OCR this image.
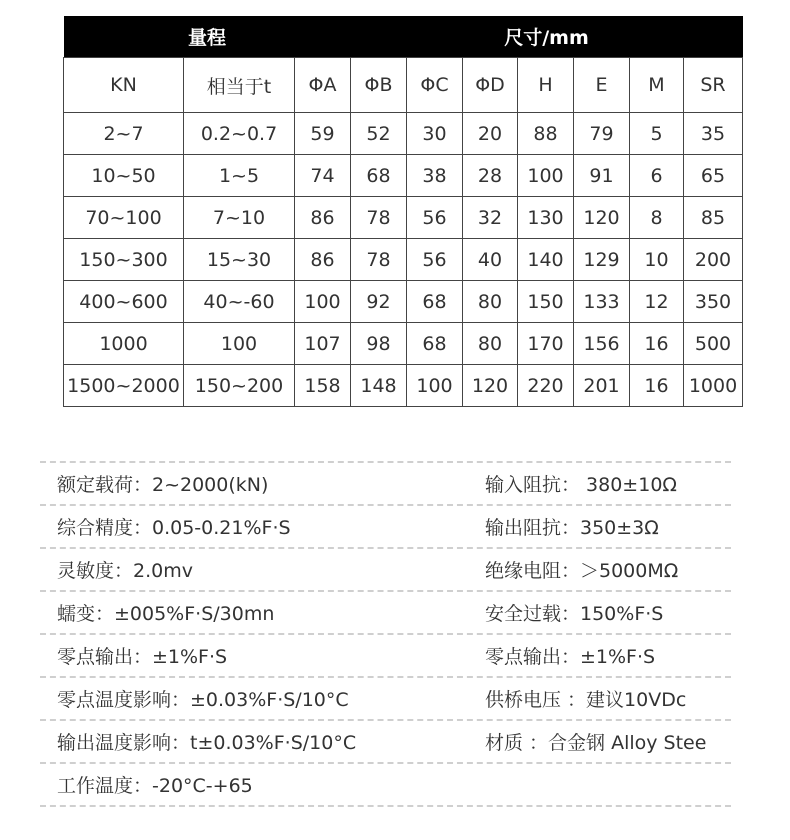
量程			尺寸/mm						
KN	相当于t	ΦA	ΦB	ΦC	ΦD	H	E	M	SR
2~7	0.2~0.7	59	52	30	20	88	79	5	35
10~50	1~5	74	68	38	28	100	91	6	65
70~100	7~10	86	78	56	32	130	120	8	85
150~300	15~30	86	78	56	40	140	129	10	200
400~600	40~-60	100	92	68	80	150	133	12	350
1000	100	107	98	68	80	170	156	16	500
1500~2000	150~200	158	148	100	120	220	201	16	1000
额定载荷：2~2000(kN)	输入阻抗： 380±10Ω
综合精度：0.05-0.21%F·S	输出阻抗：350±3Ω
灵敏度：2.0mv	绝缘电阻：＞5000MΩ
蠕变：±005%F·S/30mn	安全过载：150%F·S
零点输出：±1%F·S	零点输出：±1%F·S
零点温度影响：±0.03%F·S/10°C	供桥电压 ：建议10VDc
输出温度影响：t±0.03%F·S/10°C	材质 ：合金钢 Alloy Stee
工作温度：-20°C-+65
